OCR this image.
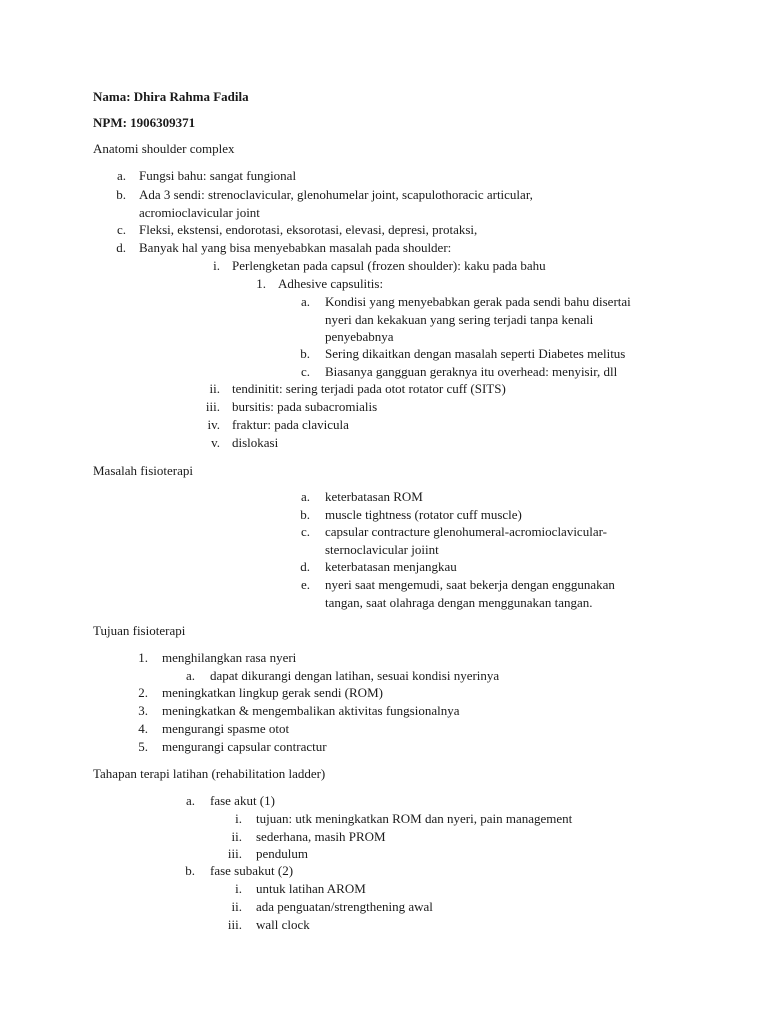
Nama: Dhira Rahma Fadila
NPM: 1906309371
Anatomi shoulder complex
a. Fungsi bahu: sangat fungional
b. Ada 3 sendi: strenoclavicular, glenohumelar joint, scapulothoracic articular,
acromioclavicular joint
c. Fleksi, ekstensi, endorotasi, eksorotasi, elevasi, depresi, protaksi,
d. Banyak hal yang bisa menyebabkan masalah pada shoulder:
i. Perlengketan pada capsul (frozen shoulder): kaku pada bahu
1. Adhesive capsulitis:
a. Kondisi yang menyebabkan gerak pada sendi bahu disertai
nyeri dan kekakuan yang sering terjadi tanpa kenali
penyebabnya
b. Sering dikaitkan dengan masalah seperti Diabetes melitus
c. Biasanya gangguan geraknya itu overhead: menyisir, dll
ii. tendinitit: sering terjadi pada otot rotator cuff (SITS)
iii. bursitis: pada subacromialis
iv. fraktur: pada clavicula
v. dislokasi
Masalah fisioterapi
a. keterbatasan ROM
b. muscle tightness (rotator cuff muscle)
c. capsular contracture glenohumeral-acromioclavicular-
sternoclavicular joiint
d. keterbatasan menjangkau
e. nyeri saat mengemudi, saat bekerja dengan enggunakan
tangan, saat olahraga dengan menggunakan tangan.
Tujuan fisioterapi
1. menghilangkan rasa nyeri
a. dapat dikurangi dengan latihan, sesuai kondisi nyerinya
2. meningkatkan lingkup gerak sendi (ROM)
3. meningkatkan & mengembalikan aktivitas fungsionalnya
4. mengurangi spasme otot
5. mengurangi capsular contractur
Tahapan terapi latihan (rehabilitation ladder)
a. fase akut (1)
i. tujuan: utk meningkatkan ROM dan nyeri, pain management
ii. sederhana, masih PROM
iii. pendulum
b. fase subakut (2)
i. untuk latihan AROM
ii. ada penguatan/strengthening awal
iii. wall clock
